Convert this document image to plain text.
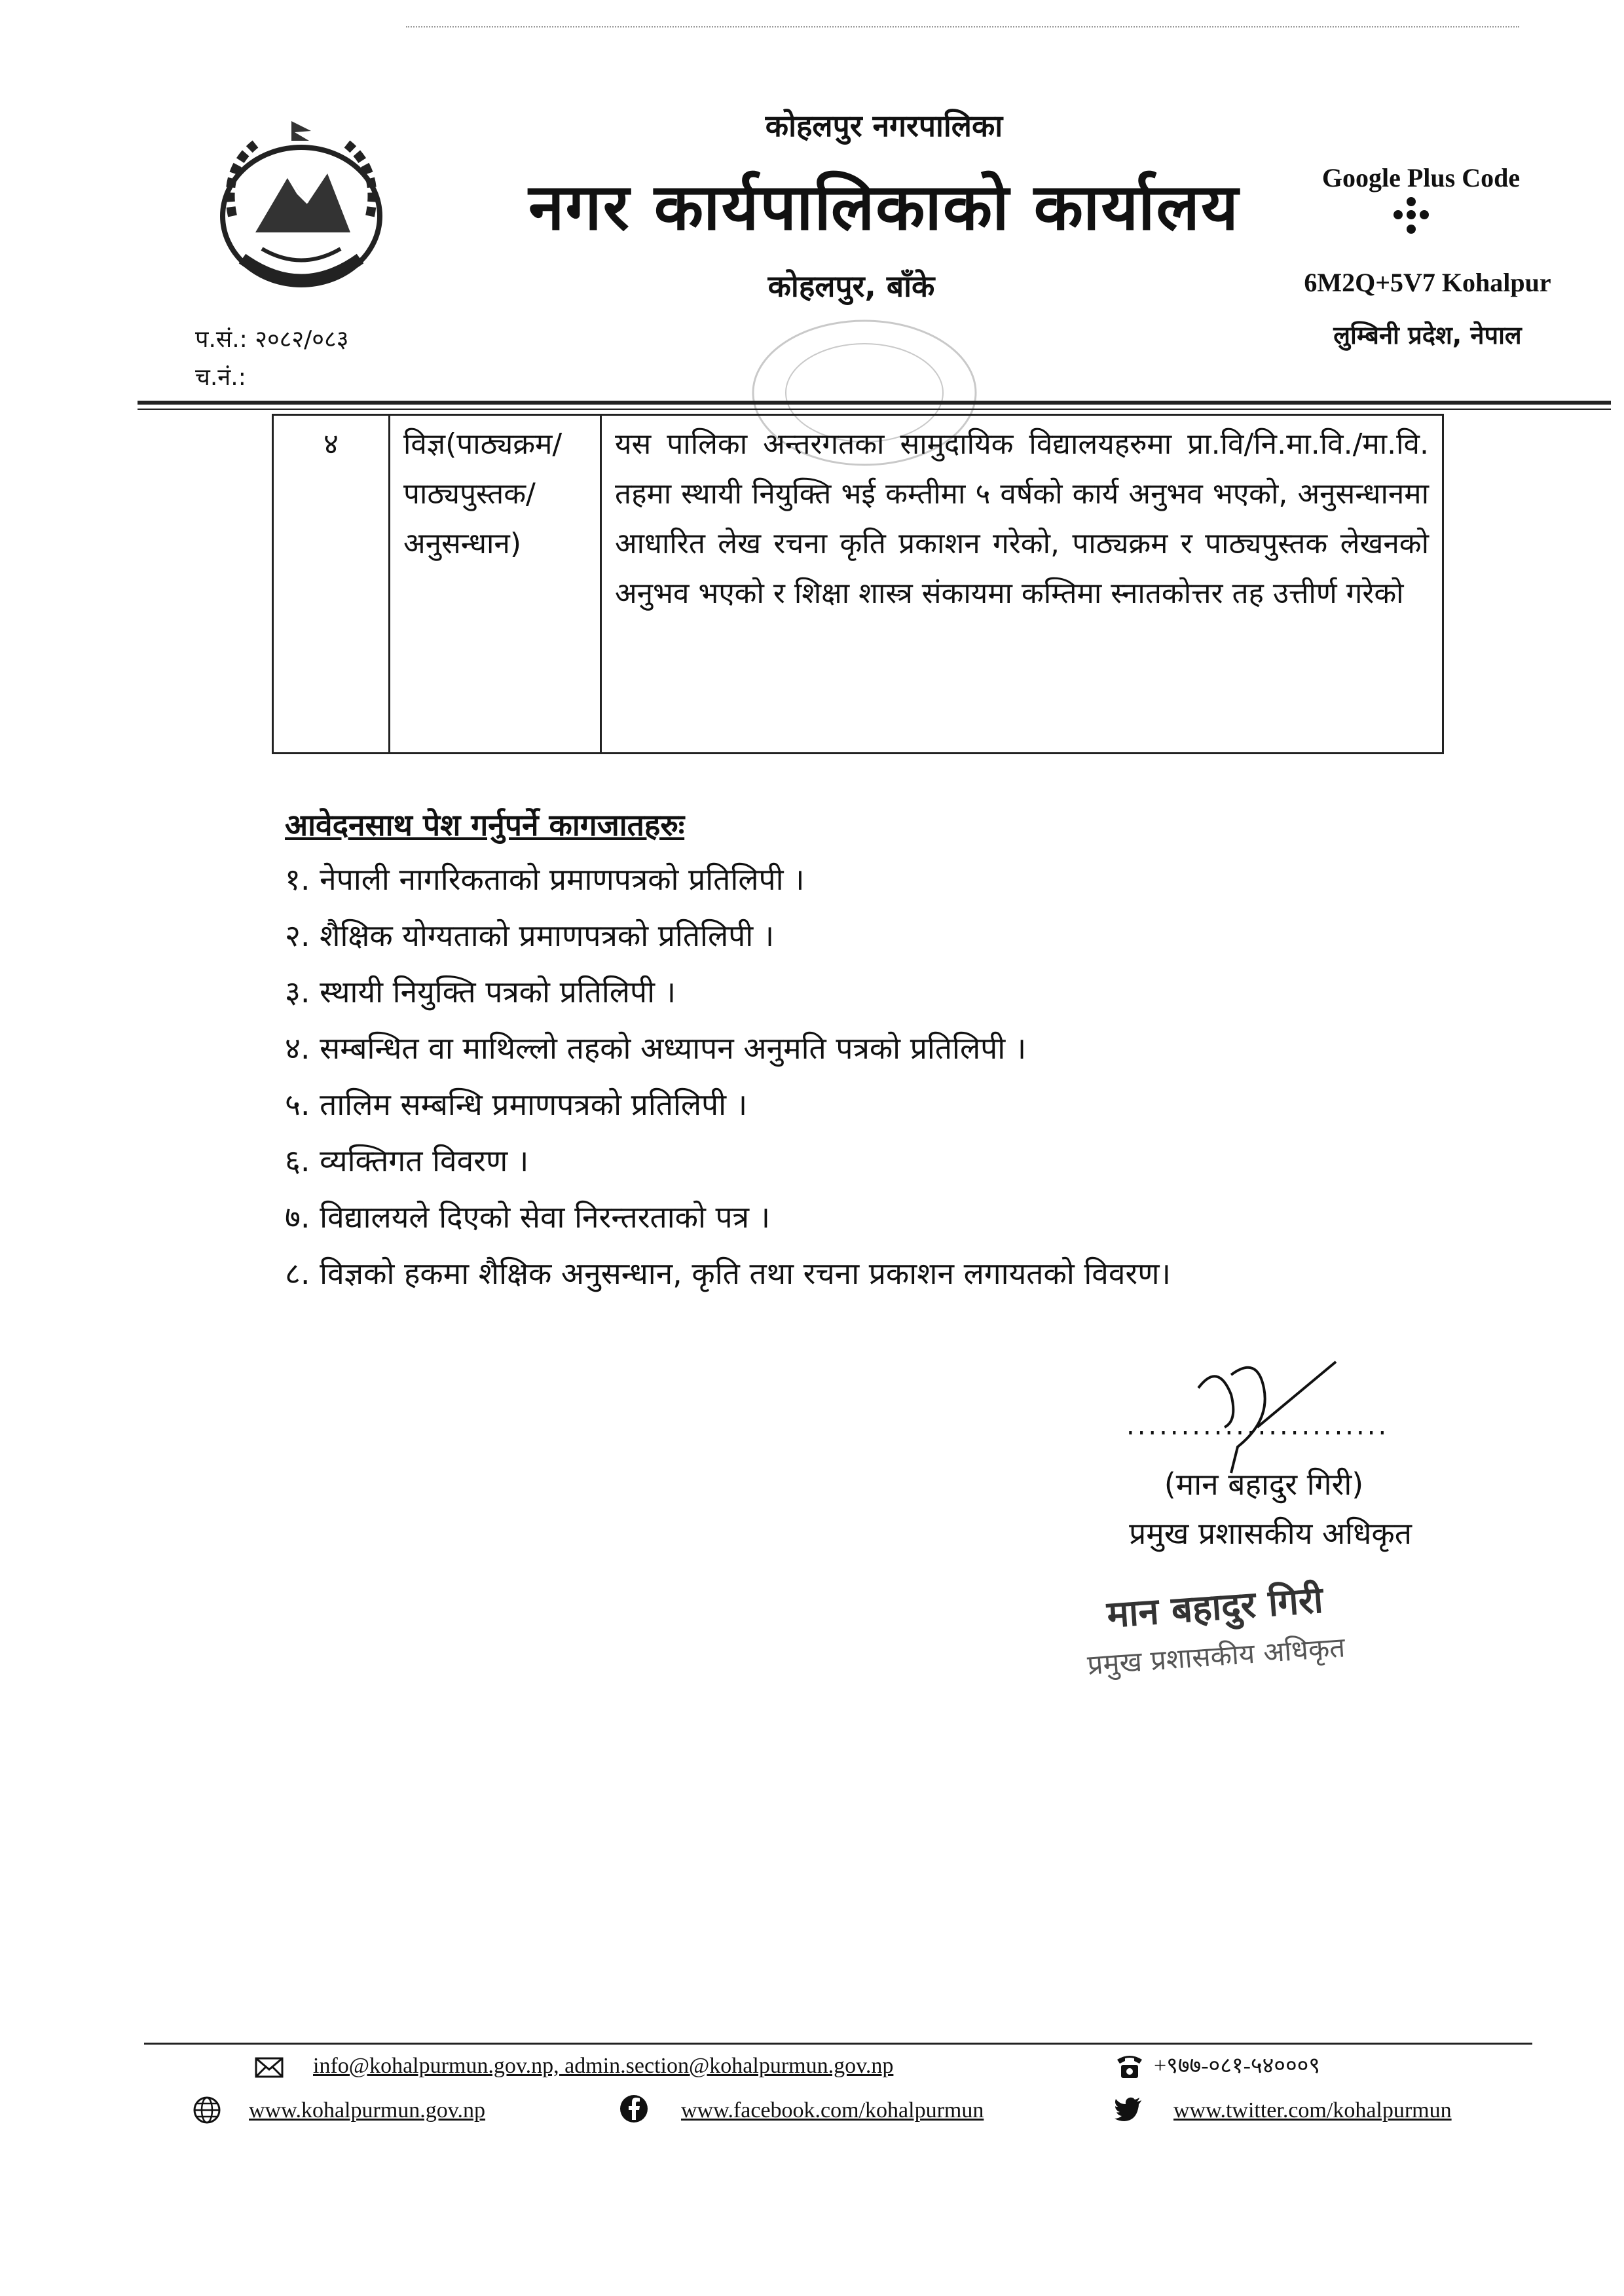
कोहलपुर नगरपालिका
नगर कार्यपालिकाको कार्यालय
कोहलपुर, बाँके
प.सं.: २०८२/०८३
च.नं.:
Google Plus Code
6M2Q+5V7 Kohalpur
लुम्बिनी प्रदेश, नेपाल
४	विज्ञ(पाठ्यक्रम/ पाठ्यपुस्तक/ अनुसन्धान)	यस पालिका अन्तरगतका सामुदायिक विद्यालयहरुमा प्रा.वि/नि.मा.वि./मा.वि. तहमा स्थायी नियुक्ति भई कम्तीमा ५ वर्षको कार्य अनुभव भएको, अनुसन्धानमा आधारित लेख रचना कृति प्रकाशन गरेको, पाठ्यक्रम र पाठ्यपुस्तक लेखनको अनुभव भएको र शिक्षा शास्त्र संकायमा कम्तिमा स्नातकोत्तर तह उत्तीर्ण गरेको
आवेदनसाथ पेश गर्नुपर्ने कागजातहरुः
१. नेपाली नागरिकताको प्रमाणपत्रको प्रतिलिपी ।
२. शैक्षिक योग्यताको प्रमाणपत्रको प्रतिलिपी ।
३. स्थायी नियुक्ति पत्रको प्रतिलिपी ।
४. सम्बन्धित वा माथिल्लो तहको अध्यापन अनुमति पत्रको प्रतिलिपी ।
५. तालिम सम्बन्धि प्रमाणपत्रको प्रतिलिपी ।
६. व्यक्तिगत विवरण ।
७. विद्यालयले दिएको सेवा निरन्तरताको पत्र ।
८. विज्ञको हकमा शैक्षिक अनुसन्धान, कृति तथा रचना प्रकाशन लगायतको विवरण।
........................
(मान बहादुर गिरी)
प्रमुख प्रशासकीय अधिकृत
मान बहादुर गिरी
प्रमुख प्रशासकीय अधिकृत
info@kohalpurmun.gov.np, admin.section@kohalpurmun.gov.np	+९७७-०८१-५४०००९
www.kohalpurmun.gov.np	www.facebook.com/kohalpurmun	www.twitter.com/kohalpurmun
